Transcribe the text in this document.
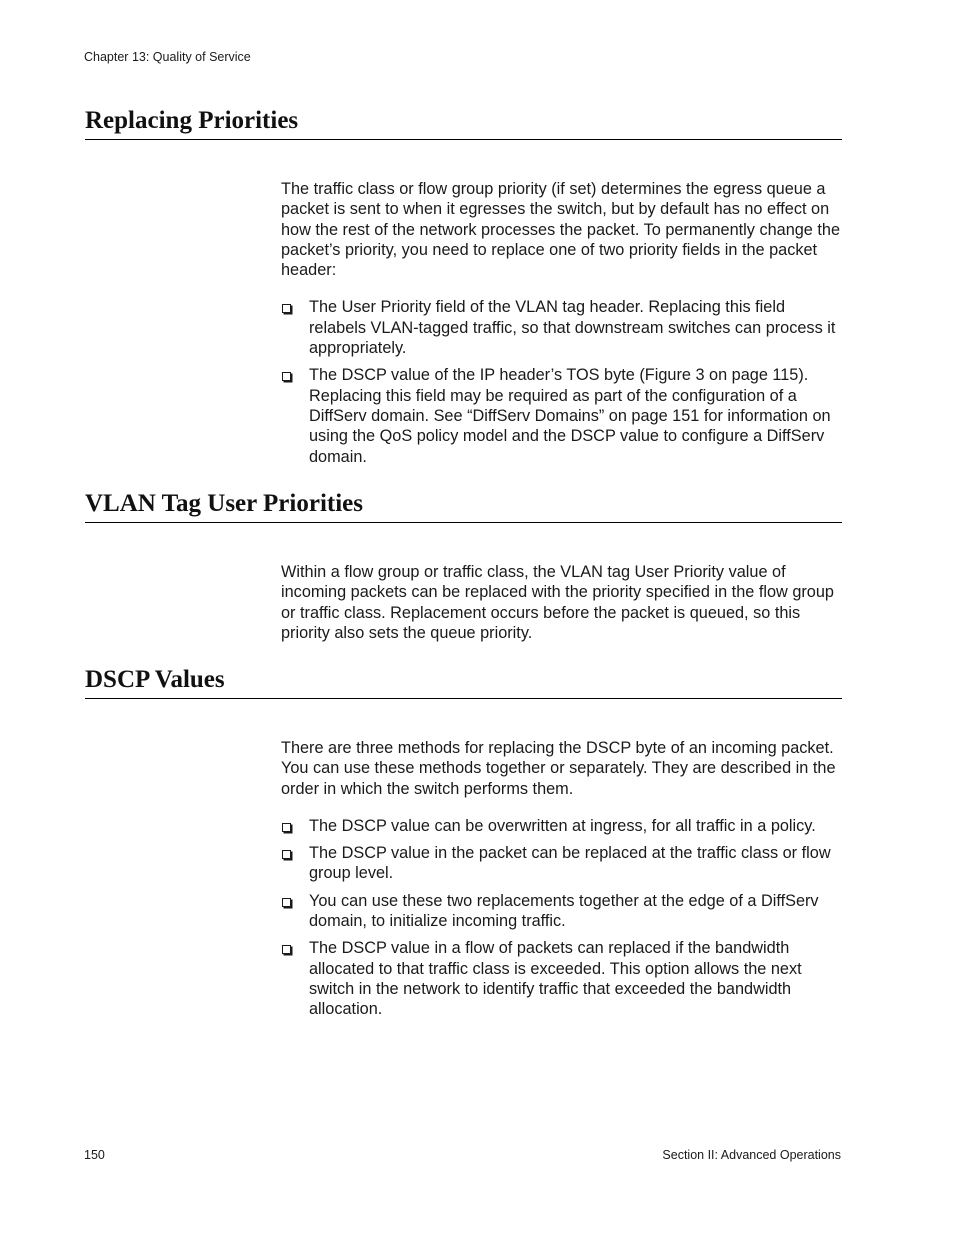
Chapter 13: Quality of Service
Replacing Priorities

The traffic class or flow group priority (if set) determines the egress queue a packet is sent to when it egresses the switch, but by default has no effect on how the rest of the network processes the packet. To permanently change the packet’s priority, you need to replace one of two priority fields in the packet header:

The User Priority field of the VLAN tag header. Replacing this field relabels VLAN-tagged traffic, so that downstream switches can process it appropriately.
The DSCP value of the IP header’s TOS byte (Figure 3 on page 115). Replacing this field may be required as part of the configuration of a DiffServ domain. See “DiffServ Domains” on page 151 for information on using the QoS policy model and the DSCP value to configure a DiffServ domain.
VLAN Tag User Priorities

Within a flow group or traffic class, the VLAN tag User Priority value of incoming packets can be replaced with the priority specified in the flow group or traffic class. Replacement occurs before the packet is queued, so this priority also sets the queue priority.

DSCP Values

There are three methods for replacing the DSCP byte of an incoming packet. You can use these methods together or separately. They are described in the order in which the switch performs them.

The DSCP value can be overwritten at ingress, for all traffic in a policy.
The DSCP value in the packet can be replaced at the traffic class or flow group level.
You can use these two replacements together at the edge of a DiffServ domain, to initialize incoming traffic.
The DSCP value in a flow of packets can replaced if the bandwidth allocated to that traffic class is exceeded. This option allows the next switch in the network to identify traffic that exceeded the bandwidth allocation.
150	Section II: Advanced Operations
